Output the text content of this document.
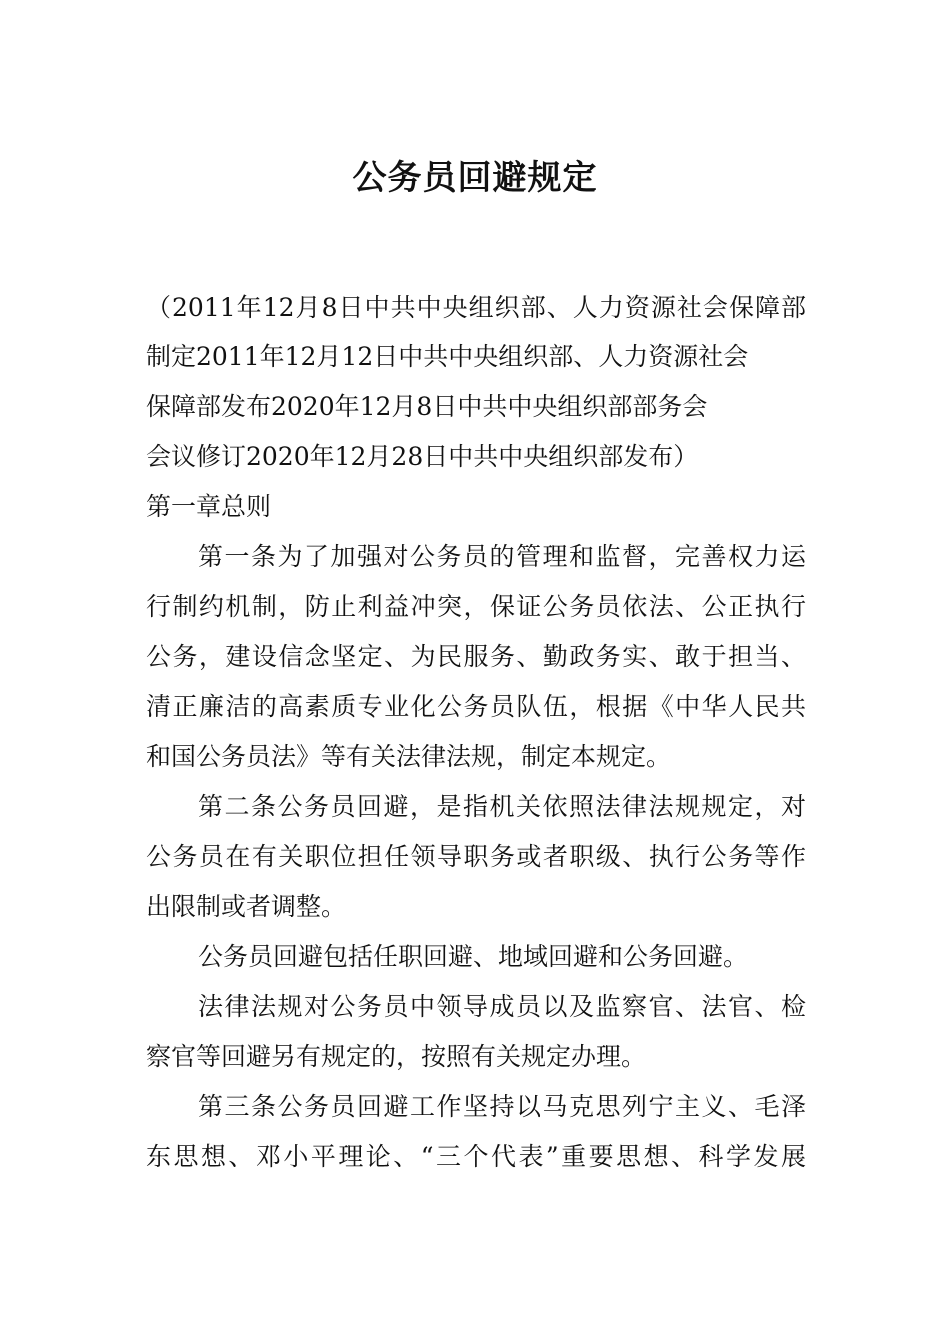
公务员回避规定
（2011年12月8日中共中央组织部、人力资源社会保障部
制定2011年12月12日中共中央组织部、人力资源社会
保障部发布2020年12月8日中共中央组织部部务会
会议修订2020年12月28日中共中央组织部发布）
第一章总则
第一条为了加强对公务员的管理和监督，完善权力运
行制约机制，防止利益冲突，保证公务员依法、公正执行
公务，建设信念坚定、为民服务、勤政务实、敢于担当、
清正廉洁的高素质专业化公务员队伍，根据《中华人民共
和国公务员法》等有关法律法规，制定本规定。
第二条公务员回避，是指机关依照法律法规规定，对
公务员在有关职位担任领导职务或者职级、执行公务等作
出限制或者调整。
公务员回避包括任职回避、地域回避和公务回避。
法律法规对公务员中领导成员以及监察官、法官、检
察官等回避另有规定的，按照有关规定办理。
第三条公务员回避工作坚持以马克思列宁主义、毛泽
东思想、邓小平理论、“三个代表”重要思想、科学发展
